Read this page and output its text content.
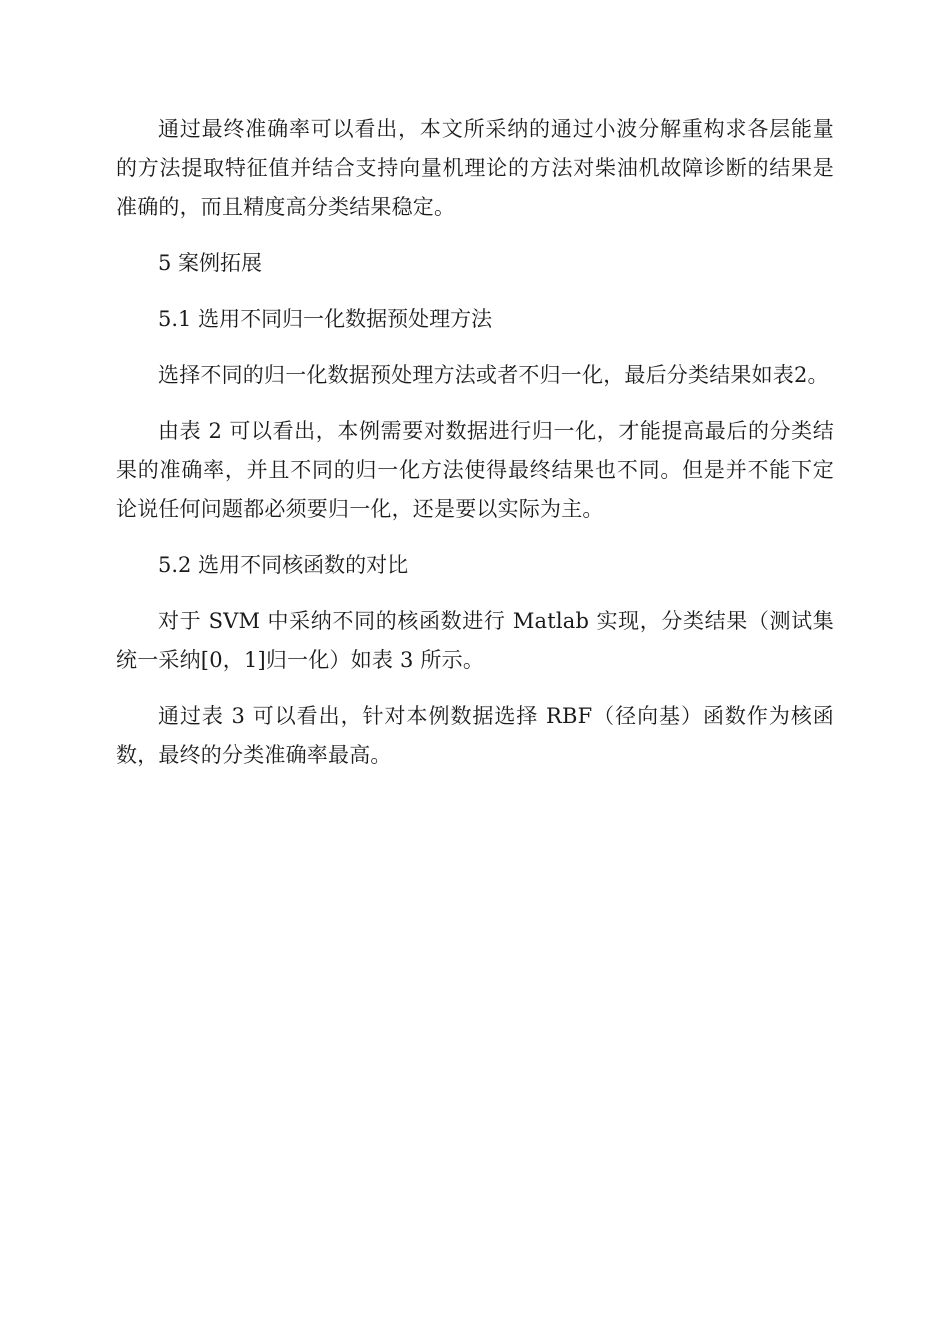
通过最终准确率可以看出，本文所采纳的通过小波分解重构求各层能量的方法提取特征值并结合支持向量机理论的方法对柴油机故障诊断的结果是准确的，而且精度高分类结果稳定。

5 案例拓展

5.1 选用不同归一化数据预处理方法

选择不同的归一化数据预处理方法或者不归一化，最后分类结果如表2。

由表 2 可以看出，本例需要对数据进行归一化，才能提高最后的分类结果的准确率，并且不同的归一化方法使得最终结果也不同。但是并不能下定论说任何问题都必须要归一化，还是要以实际为主。

5.2 选用不同核函数的对比

对于 SVM 中采纳不同的核函数进行 Matlab 实现，分类结果（测试集统一采纳[0，1]归一化）如表 3 所示。

通过表 3 可以看出，针对本例数据选择 RBF（径向基）函数作为核函数，最终的分类准确率最高。
